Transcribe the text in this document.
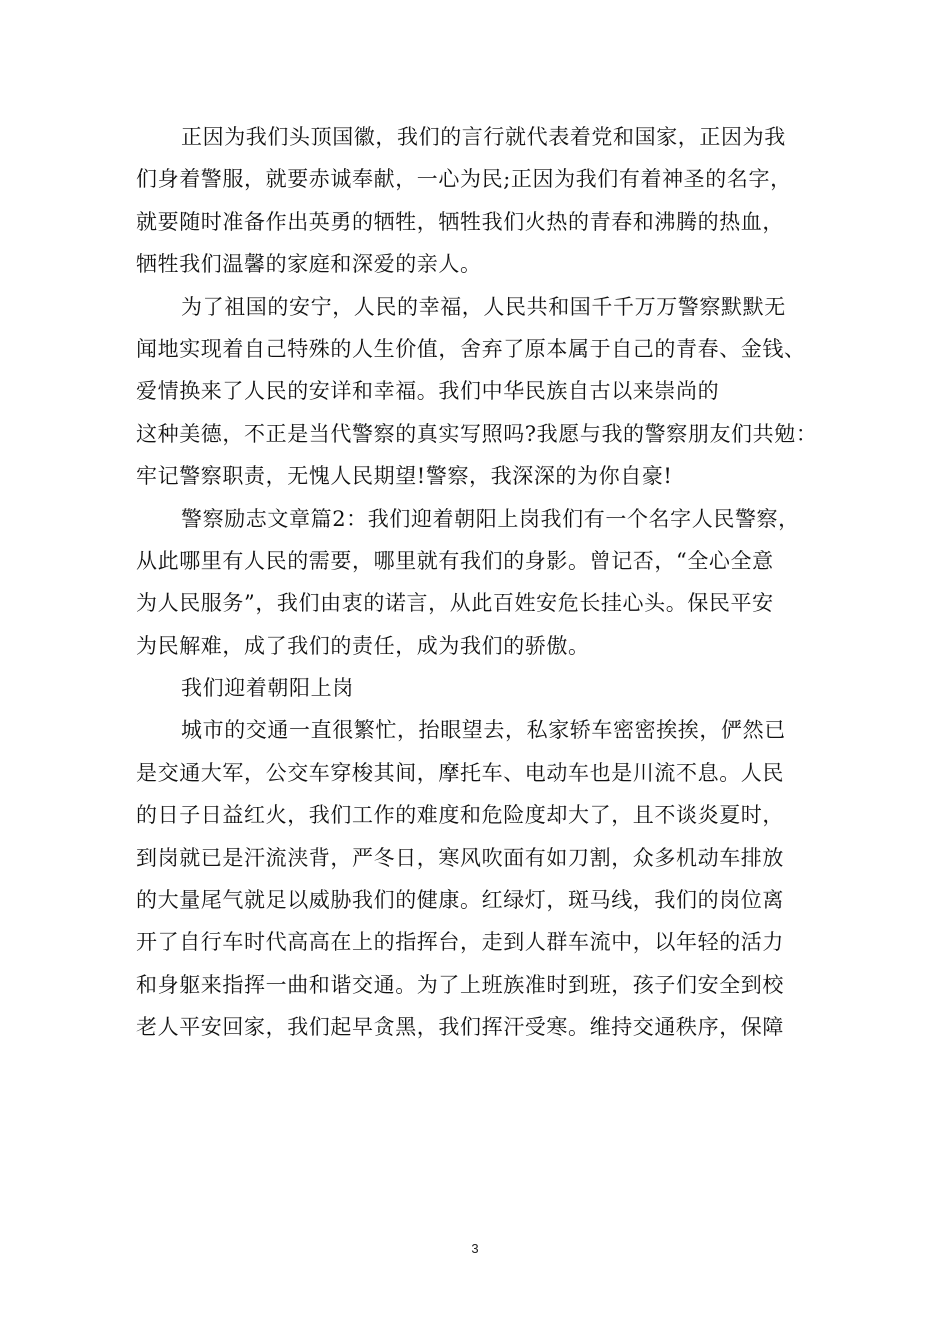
正因为我们头顶国徽，我们的言行就代表着党和国家，正因为我
们身着警服，就要赤诚奉献，一心为民;正因为我们有着神圣的名字，
就要随时准备作出英勇的牺牲，牺牲我们火热的青春和沸腾的热血，
牺牲我们温馨的家庭和深爱的亲人。
为了祖国的安宁，人民的幸福，人民共和国千千万万警察默默无
闻地实现着自己特殊的人生价值，舍弃了原本属于自己的青春、金钱、
爱情换来了人民的安详和幸福。我们中华民族自古以来崇尚的
这种美德，不正是当代警察的真实写照吗?我愿与我的警察朋友们共勉：
牢记警察职责，无愧人民期望!警察，我深深的为你自豪!
警察励志文章篇2：我们迎着朝阳上岗我们有一个名字人民警察，
从此哪里有人民的需要，哪里就有我们的身影。曾记否，“全心全意
为人民服务”，我们由衷的诺言，从此百姓安危长挂心头。保民平安
为民解难，成了我们的责任，成为我们的骄傲。
我们迎着朝阳上岗
城市的交通一直很繁忙，抬眼望去，私家轿车密密挨挨，俨然已
是交通大军，公交车穿梭其间，摩托车、电动车也是川流不息。人民
的日子日益红火，我们工作的难度和危险度却大了，且不谈炎夏时，
到岗就已是汗流浃背，严冬日，寒风吹面有如刀割，众多机动车排放
的大量尾气就足以威胁我们的健康。红绿灯，斑马线，我们的岗位离
开了自行车时代高高在上的指挥台，走到人群车流中，以年轻的活力
和身躯来指挥一曲和谐交通。为了上班族准时到班，孩子们安全到校
老人平安回家，我们起早贪黑，我们挥汗受寒。维持交通秩序，保障
3
